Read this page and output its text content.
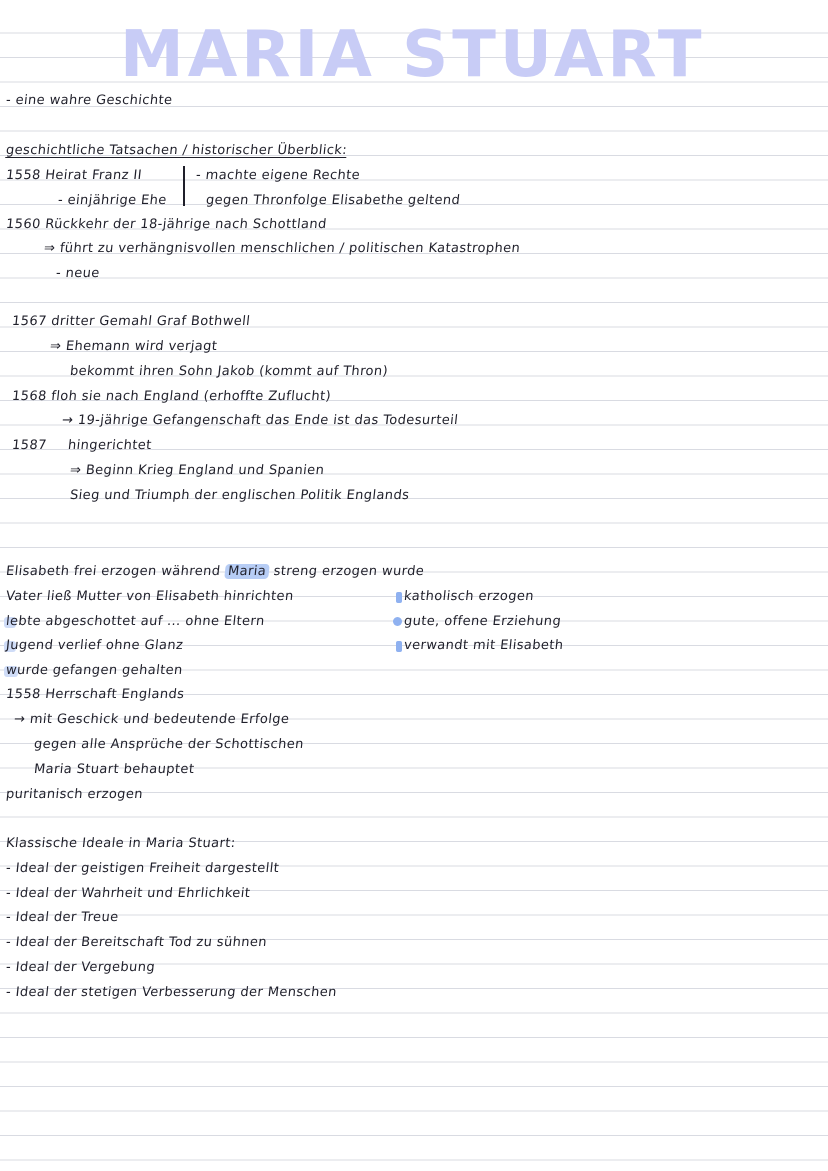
MARIA STUART
- eine wahre Geschichte
geschichtliche Tatsachen / historischer Überblick:
1558 Heirat Franz II	- machte eigene Rechte
- einjährige Ehe	gegen Thronfolge Elisabethe geltend
1560 Rückkehr der 18-jährige nach Schottland
⇒ führt zu verhängnisvollen menschlichen / politischen Katastrophen
- neue
1567 dritter Gemahl Graf Bothwell
⇒ Ehemann wird verjagt
bekommt ihren Sohn Jakob (kommt auf Thron)
1568 floh sie nach England (erhoffte Zuflucht)
→ 19-jährige Gefangenschaft das Ende ist das Todesurteil
1587 hingerichtet
⇒ Beginn Krieg England und Spanien
Sieg und Triumph der englischen Politik Englands
Elisabeth frei erzogen während Maria streng erzogen wurde
Vater ließ Mutter von Elisabeth hinrichten
lebte abgeschottet auf ... ohne Eltern
Jugend verlief ohne Glanz
wurde gefangen gehalten
1558 Herrschaft Englands
→ mit Geschick und bedeutende Erfolge
gegen alle Ansprüche der Schottischen
Maria Stuart behauptet
puritanisch erzogen
katholisch erzogen
gute, offene Erziehung
verwandt mit Elisabeth
Klassische Ideale in Maria Stuart:
- Ideal der geistigen Freiheit dargestellt
- Ideal der Wahrheit und Ehrlichkeit
- Ideal der Treue
- Ideal der Bereitschaft Tod zu sühnen
- Ideal der Vergebung
- Ideal der stetigen Verbesserung der Menschen
